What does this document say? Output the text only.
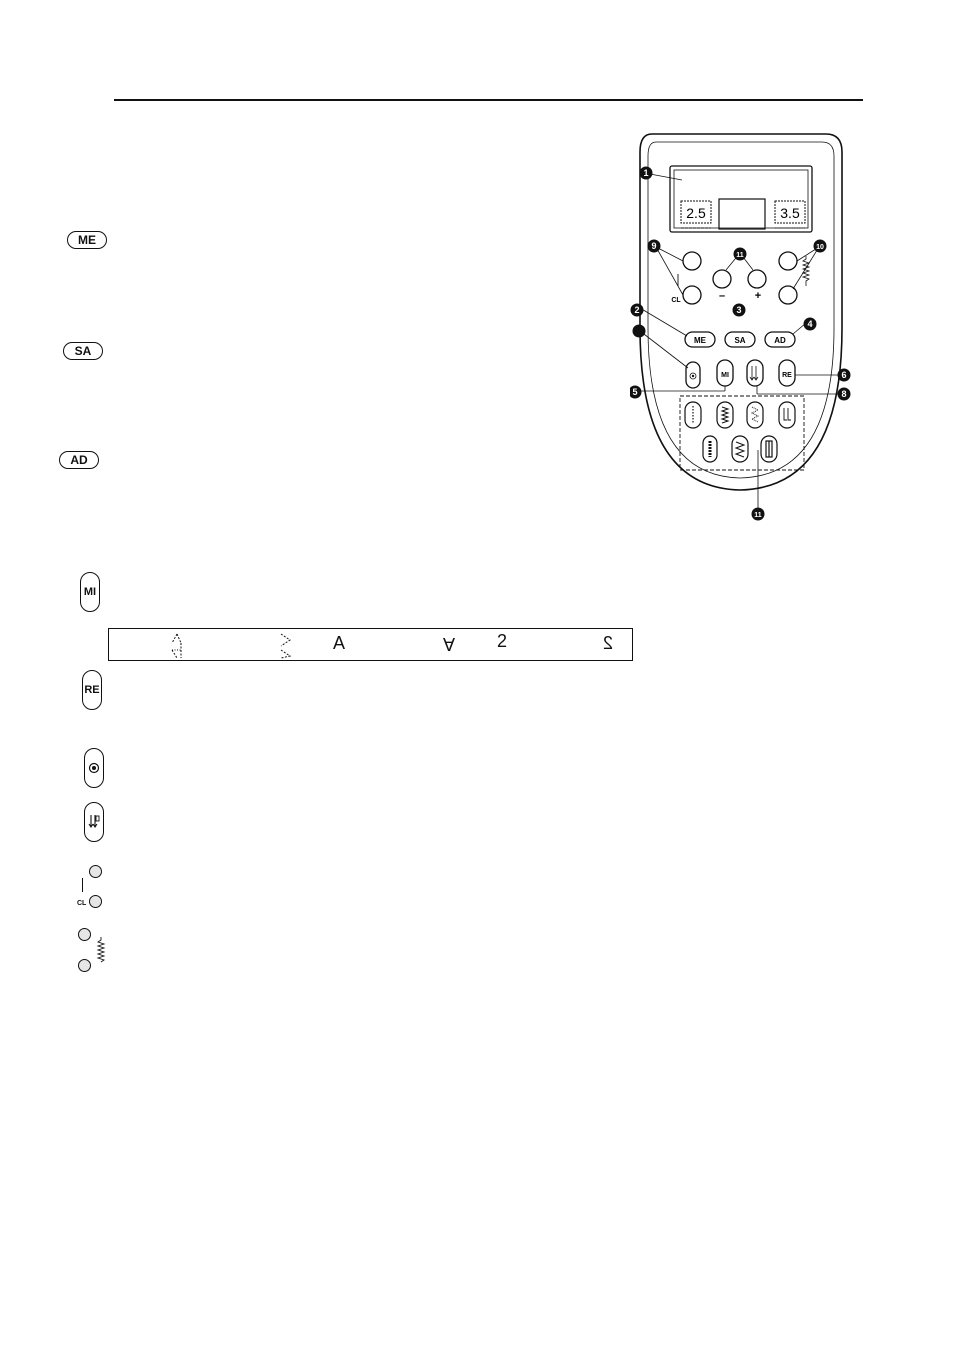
ME
SA
AD
MI
RE
CL
A	A 2	2
2.5	3.5
CL	–	+
ME	SA	AD
MI	RE
1
9
11
10
3
2
4
6
5	8
11
